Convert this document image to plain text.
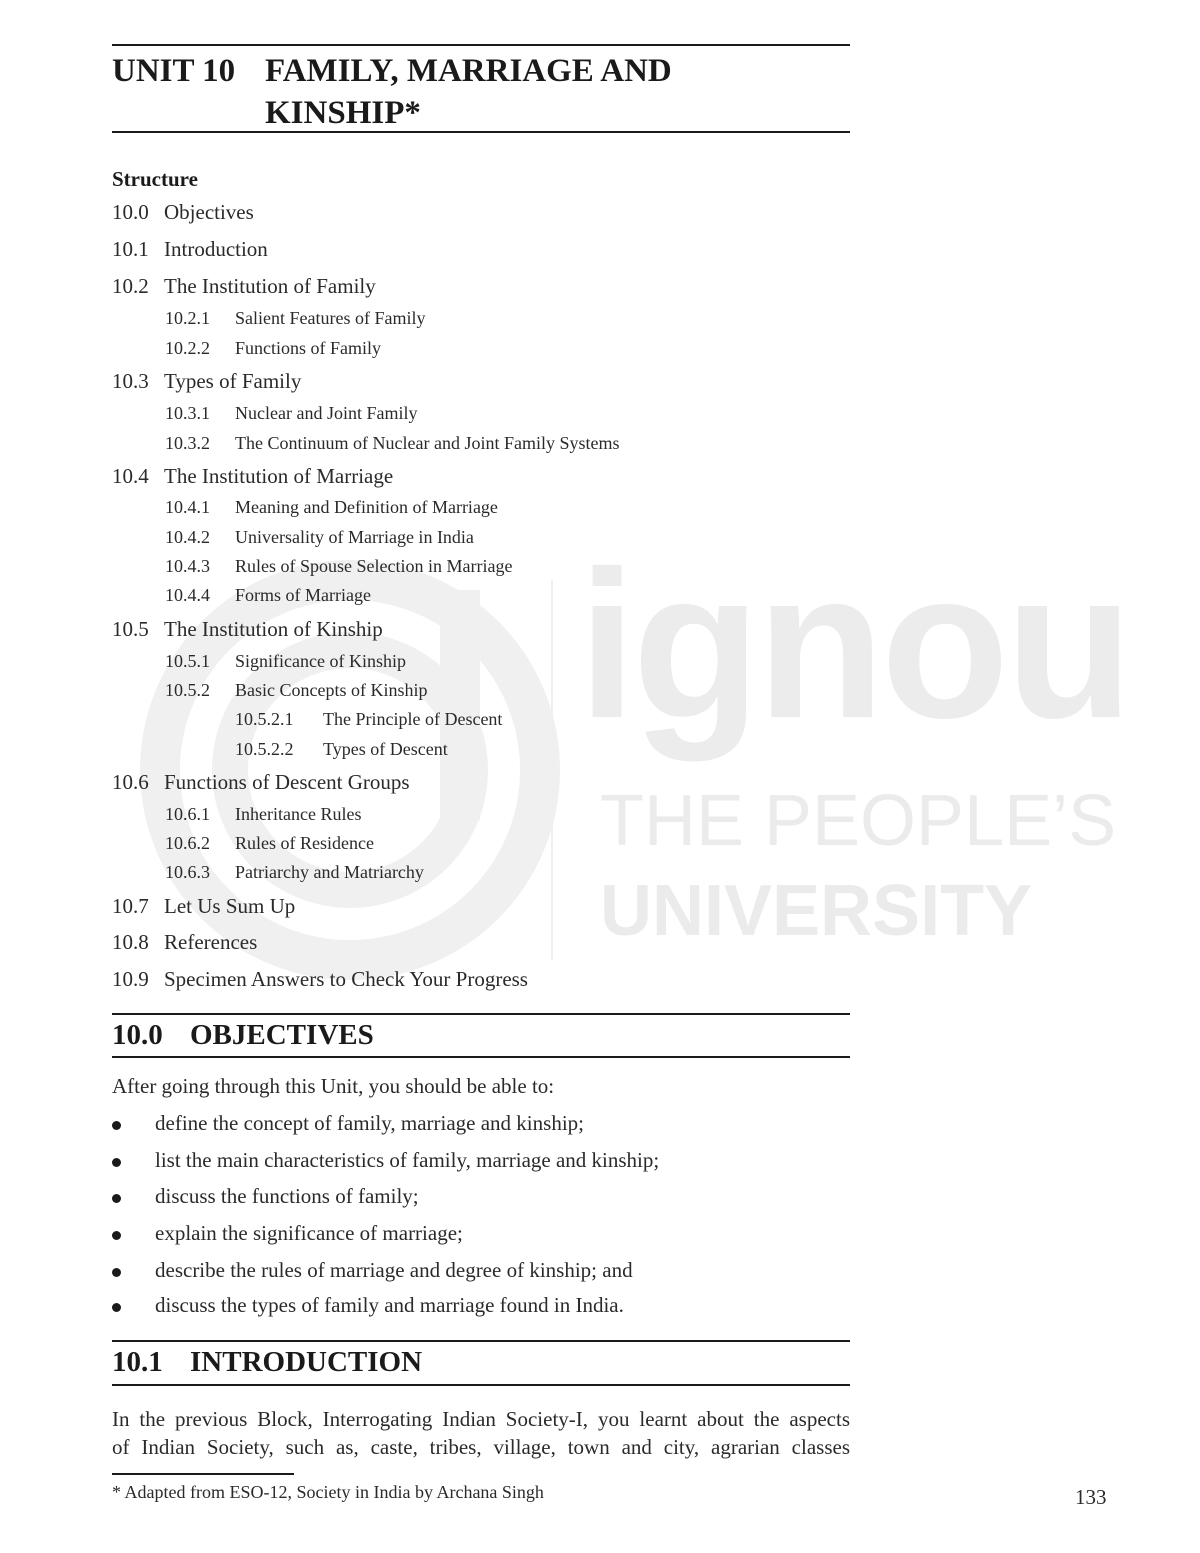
ignou
THE PEOPLE’S
UNIVERSITY
UNIT 10 FAMILY, MARRIAGE AND
KINSHIP*
Structure
10.0 Objectives
10.1 Introduction
10.2 The Institution of Family
10.2.1 Salient Features of Family
10.2.2 Functions of Family
10.3 Types of Family
10.3.1 Nuclear and Joint Family
10.3.2 The Continuum of Nuclear and Joint Family Systems
10.4 The Institution of Marriage
10.4.1 Meaning and Definition of Marriage
10.4.2 Universality of Marriage in India
10.4.3 Rules of Spouse Selection in Marriage
10.4.4 Forms of Marriage
10.5 The Institution of Kinship
10.5.1 Significance of Kinship
10.5.2 Basic Concepts of Kinship
10.5.2.1 The Principle of Descent
10.5.2.2 Types of Descent
10.6 Functions of Descent Groups
10.6.1 Inheritance Rules
10.6.2 Rules of Residence
10.6.3 Patriarchy and Matriarchy
10.7 Let Us Sum Up
10.8 References
10.9 Specimen Answers to Check Your Progress
10.0 OBJECTIVES
After going through this Unit, you should be able to:
define the concept of family, marriage and kinship;
list the main characteristics of family, marriage and kinship;
discuss the functions of family;
explain the significance of marriage;
describe the rules of marriage and degree of kinship; and
discuss the types of family and marriage found in India.
10.1 INTRODUCTION
In the previous Block, Interrogating Indian Society-I, you learnt about the aspects
of Indian Society, such as, caste, tribes, village, town and city, agrarian classes
* Adapted from ESO-12, Society in India by Archana Singh	133
